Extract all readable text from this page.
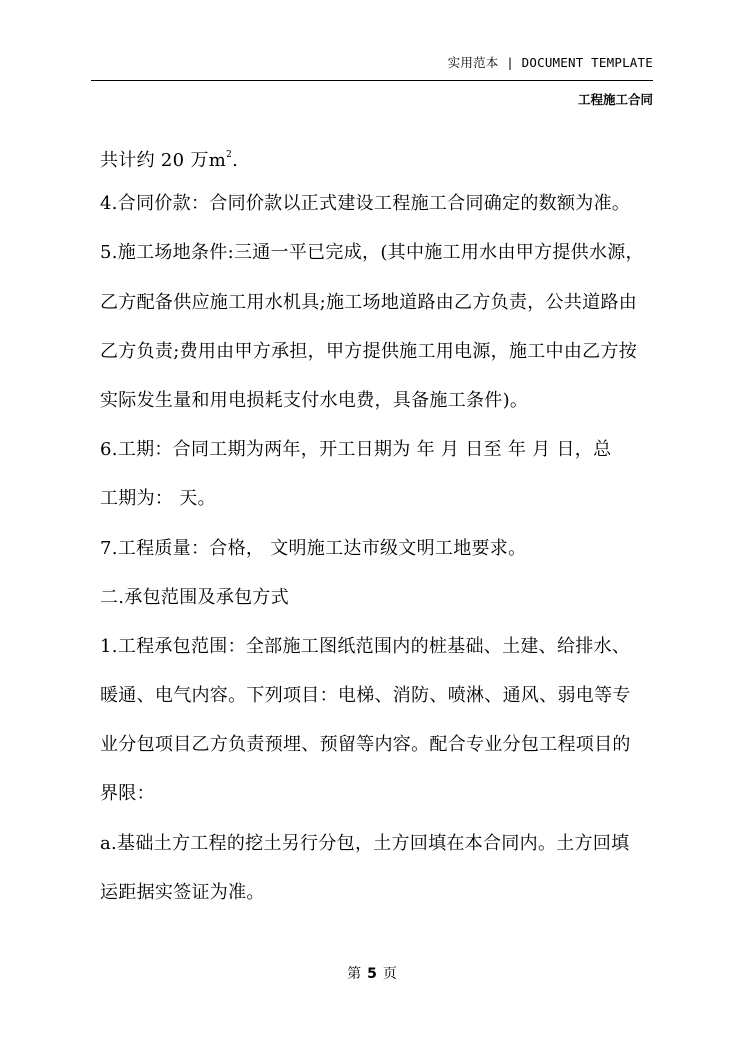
实用范本 | DOCUMENT TEMPLATE
工程施工合同
共计约 20 万$m^2$.
4.合同价款：合同价款以正式建设工程施工合同确定的数额为准。
5.施工场地条件:三通一平已完成，(其中施工用水由甲方提供水源，
乙方配备供应施工用水机具;施工场地道路由乙方负责，公共道路由
乙方负责;费用由甲方承担，甲方提供施工用电源，施工中由乙方按
实际发生量和用电损耗支付水电费，具备施工条件)。
6.工期：合同工期为两年，开工日期为 年 月 日至 年 月 日，总
工期为： 天。
7.工程质量：合格， 文明施工达市级文明工地要求。
二.承包范围及承包方式
1.工程承包范围：全部施工图纸范围内的桩基础、土建、给排水、
暖通、电气内容。下列项目：电梯、消防、喷淋、通风、弱电等专
业分包项目乙方负责预埋、预留等内容。配合专业分包工程项目的
界限：
a.基础土方工程的挖土另行分包，土方回填在本合同内。土方回填
运距据实签证为准。
第 5 页
